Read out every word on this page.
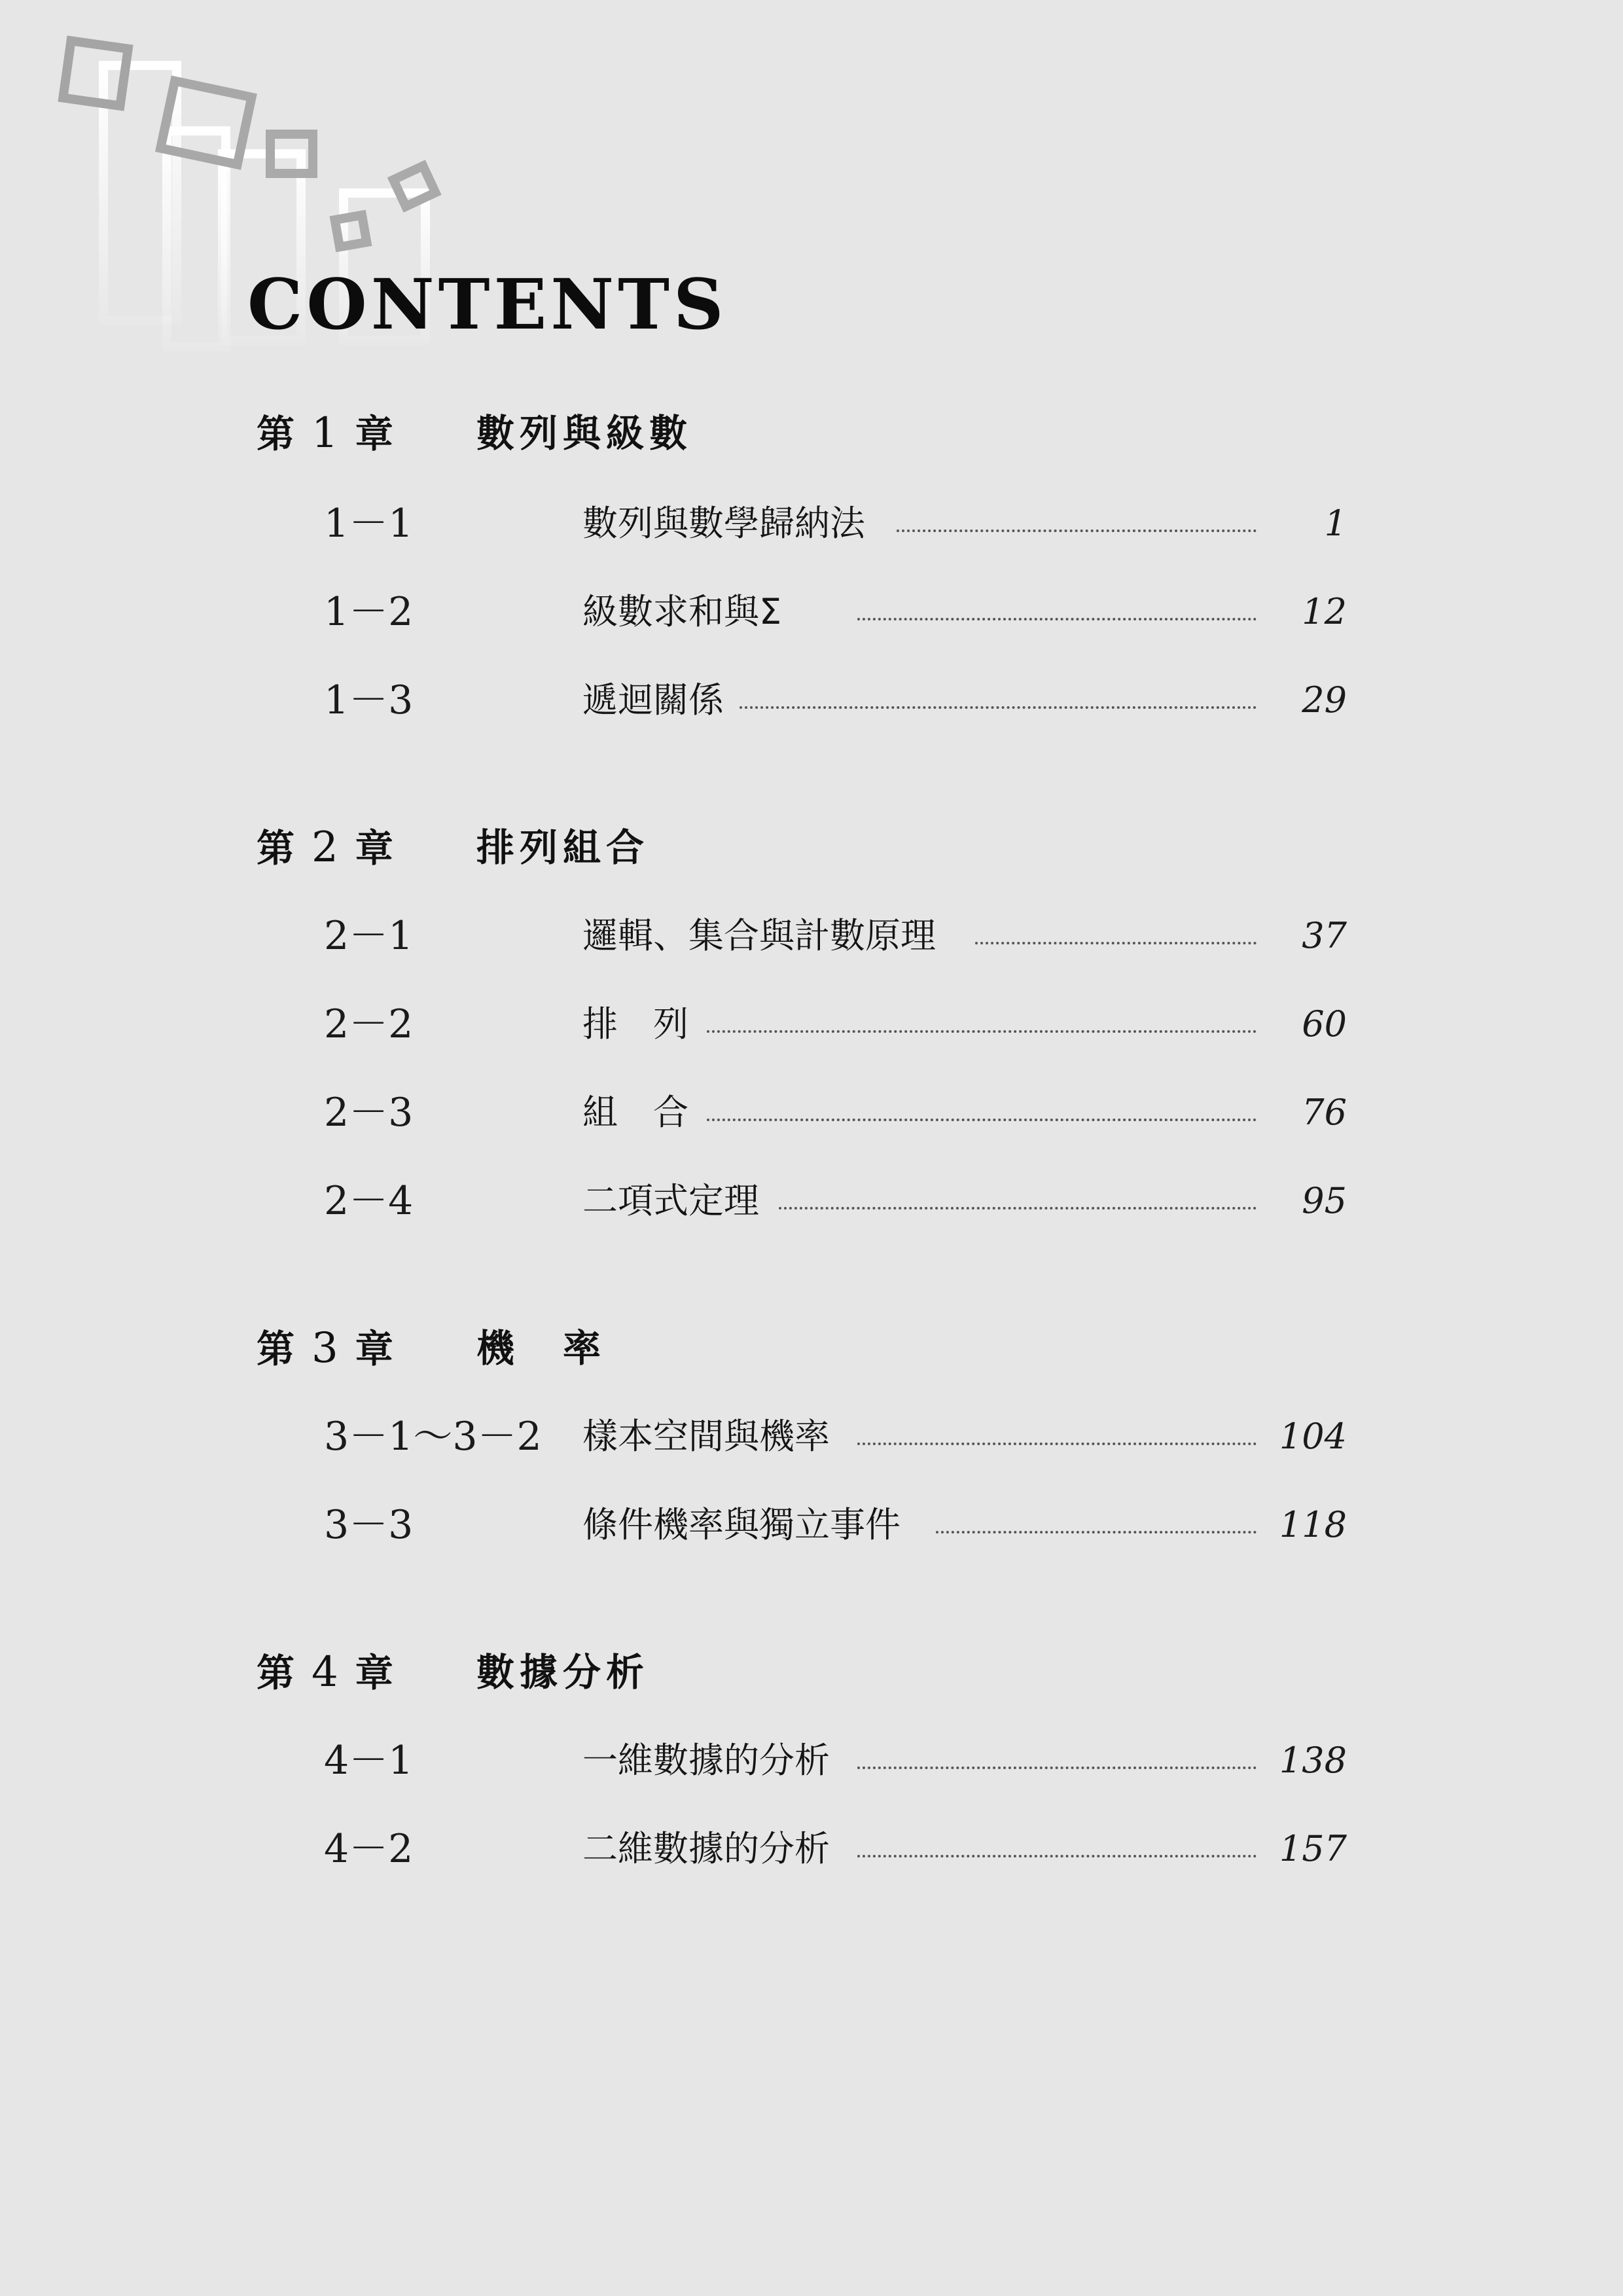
CONTENTS
第 1 章 數列與級數
1－1	數列與數學歸納法	1
1－2	級數求和與Σ	12
1－3	遞迴關係	29
第 2 章 排列組合
2－1	邏輯、集合與計數原理	37
2－2	排　列	60
2－3	組　合	76
2－4	二項式定理	95
第 3 章 機　率
3－1～3－2 樣本空間與機率	104
3－3	條件機率與獨立事件	118
第 4 章 數據分析
4－1	一維數據的分析	138
4－2	二維數據的分析	157
